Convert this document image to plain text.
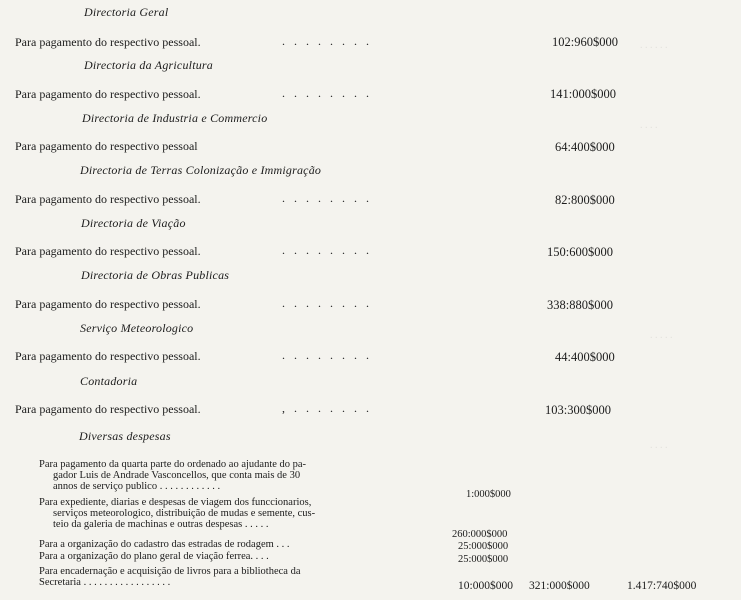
. . . . . .
. . . .
. . . . .
. . . .
Directoria Geral
Para pagamento do respectivo pessoal.	. . . . . . . .	102:960$000
Directoria da Agricultura
Para pagamento do respectivo pessoal.	. . . . . . . .	141:000$000
Directoria de Industria e Commercio
Para pagamento do respectivo pessoal	64:400$000
Directoria de Terras Colonização e Immigração
Para pagamento do respectivo pessoal.	. . . . . . . .	82:800$000
Directoria de Viação
Para pagamento do respectivo pessoal.	. . . . . . . .	150:600$000
Directoria de Obras Publicas
Para pagamento do respectivo pessoal.	. . . . . . . .	338:880$000
Serviço Meteorologico
Para pagamento do respectivo pessoal.	. . . . . . . .	44:400$000
Contadoria
Para pagamento do respectivo pessoal.	, . . . . . . .	103:300$000
Diversas despesas
Para pagamento da quarta parte do ordenado ao ajudante do pa-
gador Luis de Andrade Vasconcellos, que conta mais de 30
annos de serviço publico . . . . . . . . . . . .
1:000$000
Para expediente, diarias e despesas de viagem dos funccionarios,
serviços meteorologico, distribuição de mudas e semente, cus-
teio da galeria de machinas e outras despesas . . . . .
260:000$000
Para a organização do cadastro das estradas de rodagem . . .	25:000$000
Para a organização do plano geral de viação ferrea. . . .	25:000$000
Para encadernação e acquisição de livros para a bibliotheca da
Secretaria . . . . . . . . . . . . . . . . .	10:000$000 321:000$000	1.417:740$000
